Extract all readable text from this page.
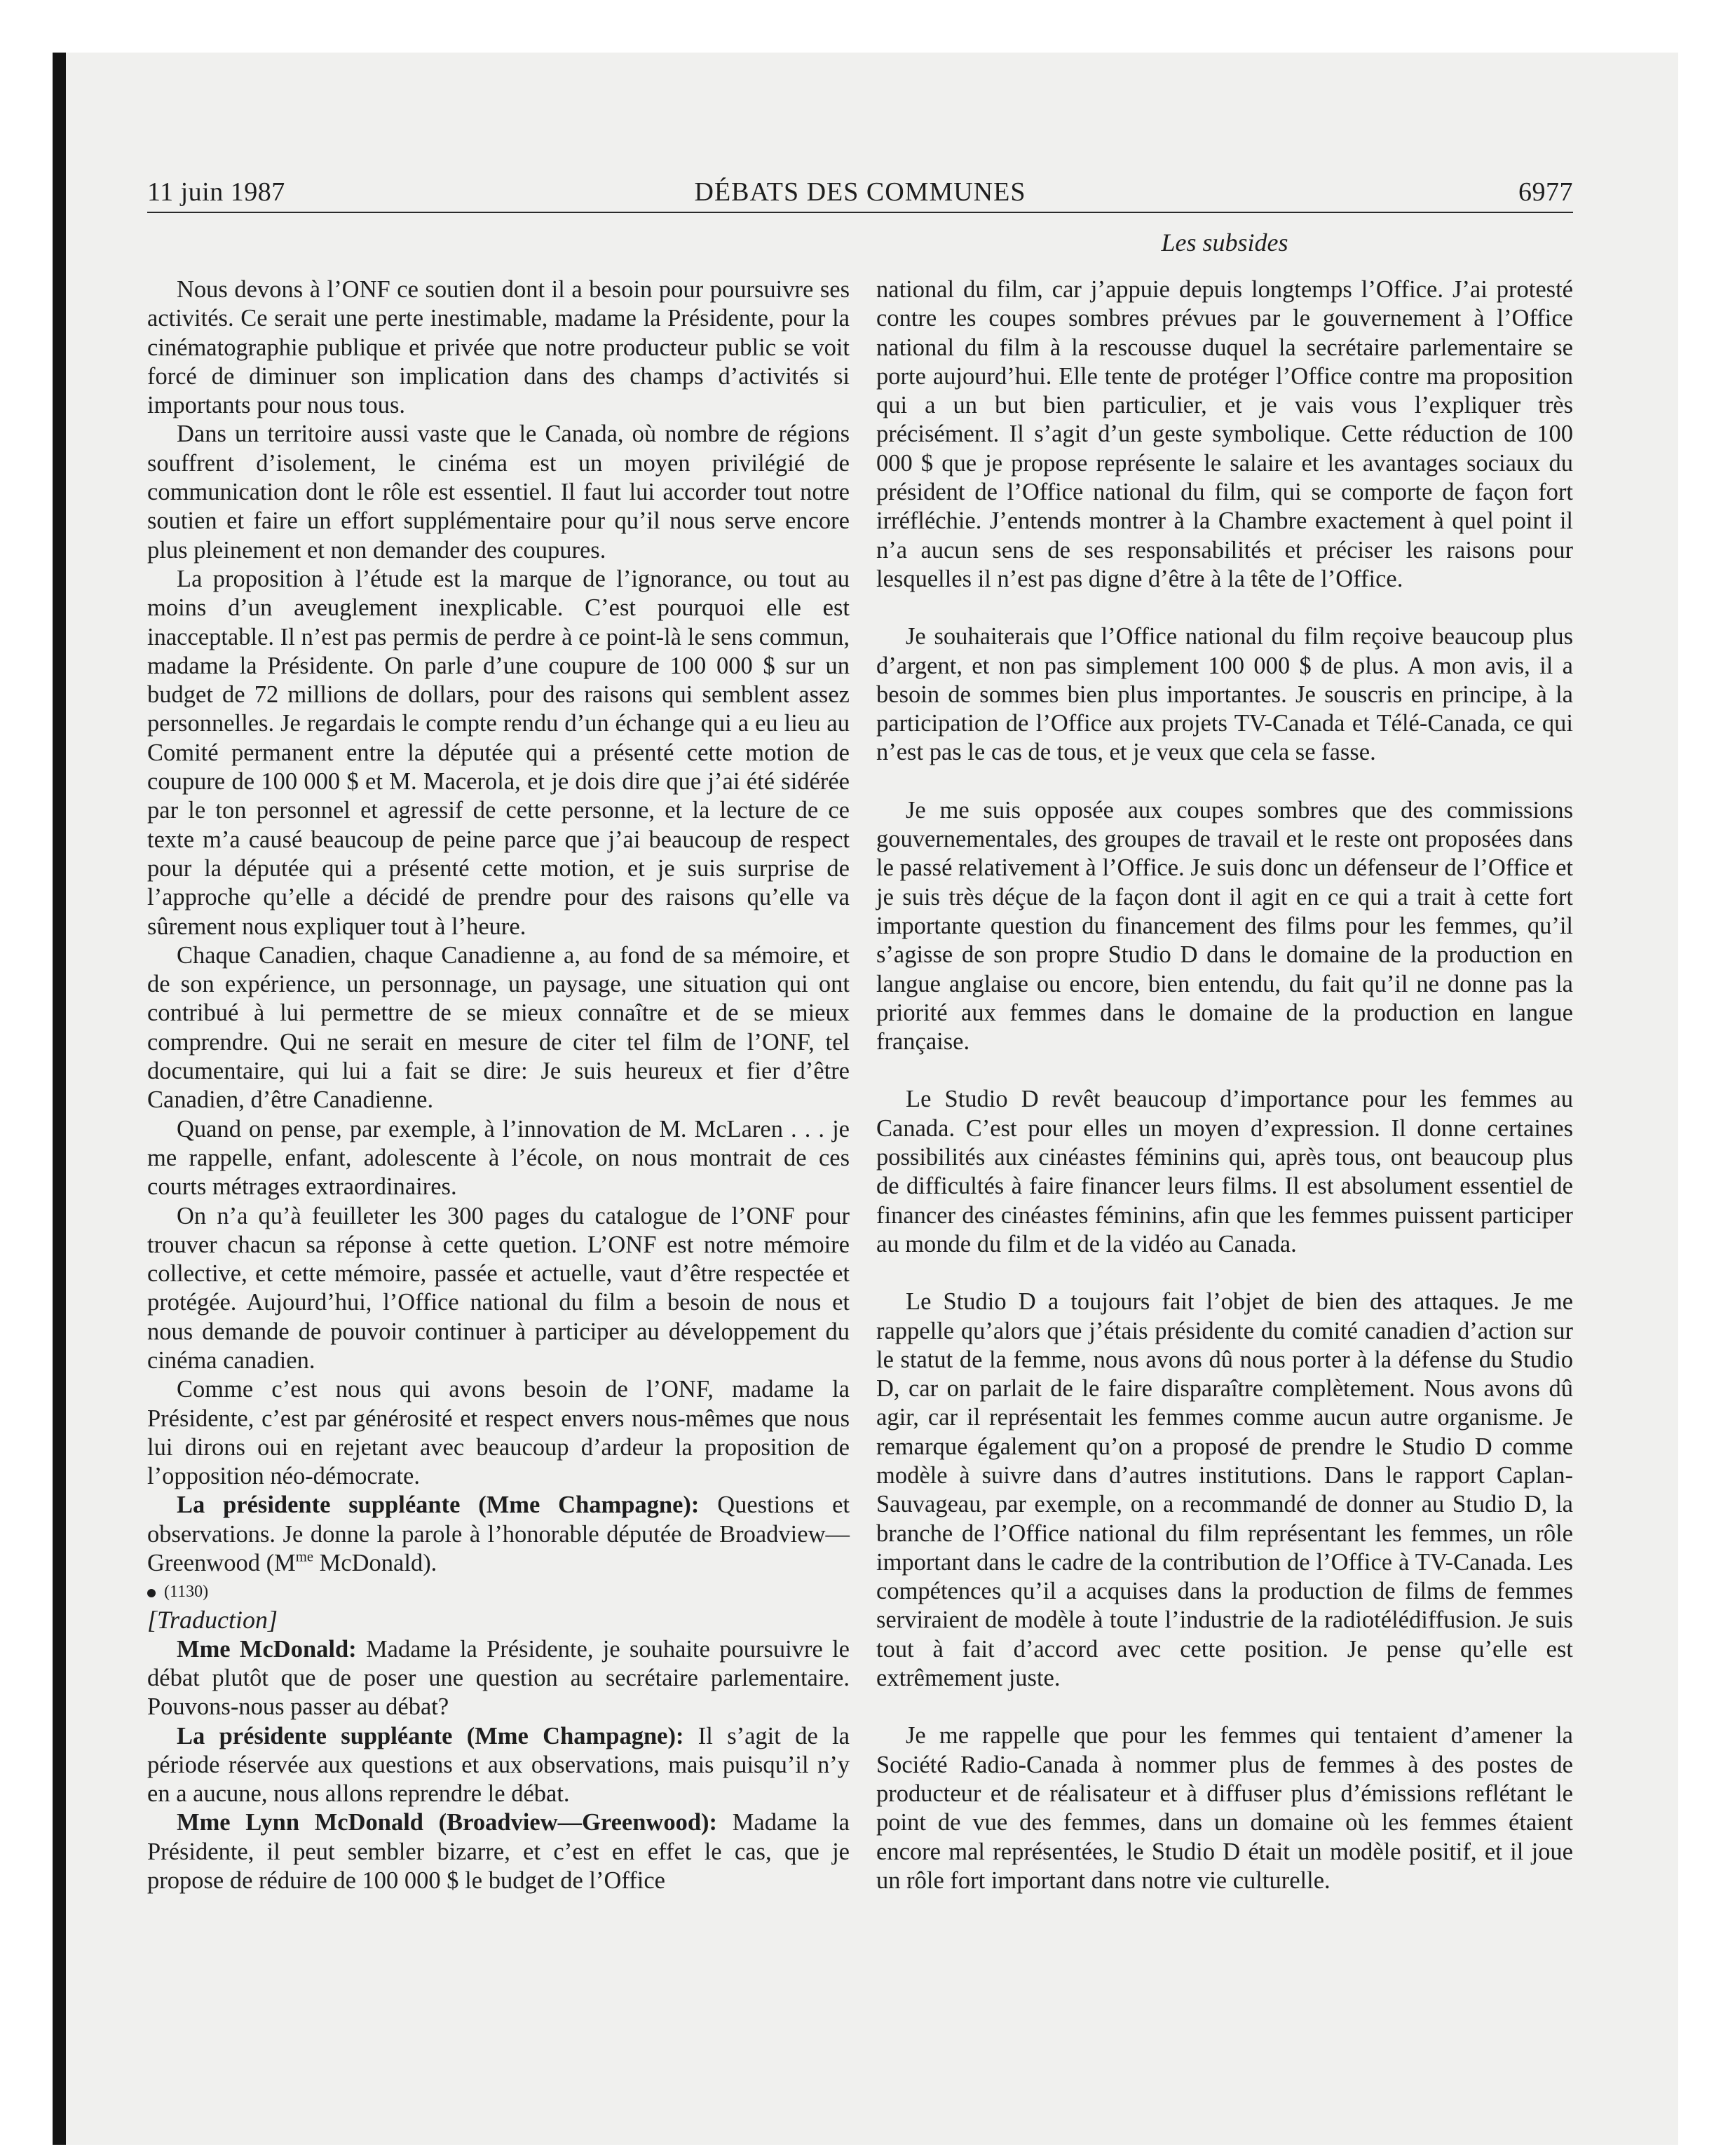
11 juin 1987	DÉBATS DES COMMUNES	6977
Les subsides

Nous devons à l’ONF ce soutien dont il a besoin pour poursuivre ses activités. Ce serait une perte inestimable, madame la Présidente, pour la cinématographie publique et privée que notre producteur public se voit forcé de diminuer son implication dans des champs d’activités si importants pour nous tous.

Dans un territoire aussi vaste que le Canada, où nombre de régions souffrent d’isolement, le cinéma est un moyen privilégié de communication dont le rôle est essentiel. Il faut lui accorder tout notre soutien et faire un effort supplémentaire pour qu’il nous serve encore plus pleinement et non demander des coupures.

La proposition à l’étude est la marque de l’ignorance, ou tout au moins d’un aveuglement inexplicable. C’est pourquoi elle est inacceptable. Il n’est pas permis de perdre à ce point-là le sens commun, madame la Présidente. On parle d’une coupure de 100 000 $ sur un budget de 72 millions de dollars, pour des raisons qui semblent assez personnelles. Je regardais le compte rendu d’un échange qui a eu lieu au Comité permanent entre la députée qui a présenté cette motion de coupure de 100 000 $ et M. Macerola, et je dois dire que j’ai été sidérée par le ton personnel et agressif de cette personne, et la lecture de ce texte m’a causé beaucoup de peine parce que j’ai beaucoup de respect pour la députée qui a présenté cette motion, et je suis surprise de l’approche qu’elle a décidé de prendre pour des raisons qu’elle va sûrement nous expliquer tout à l’heure.

Chaque Canadien, chaque Canadienne a, au fond de sa mémoire, et de son expérience, un personnage, un paysage, une situation qui ont contribué à lui permettre de se mieux connaître et de se mieux comprendre. Qui ne serait en mesure de citer tel film de l’ONF, tel documentaire, qui lui a fait se dire: Je suis heureux et fier d’être Canadien, d’être Canadienne.

Quand on pense, par exemple, à l’innovation de M. McLaren . . . je me rappelle, enfant, adolescente à l’école, on nous montrait de ces courts métrages extraordinaires.

On n’a qu’à feuilleter les 300 pages du catalogue de l’ONF pour trouver chacun sa réponse à cette quetion. L’ONF est notre mémoire collective, et cette mémoire, passée et actuelle, vaut d’être respectée et protégée. Aujourd’hui, l’Office national du film a besoin de nous et nous demande de pouvoir continuer à participer au développement du cinéma canadien.

Comme c’est nous qui avons besoin de l’ONF, madame la Présidente, c’est par générosité et respect envers nous-mêmes que nous lui dirons oui en rejetant avec beaucoup d’ardeur la proposition de l’opposition néo-démocrate.

La présidente suppléante (Mme Champagne): Questions et observations. Je donne la parole à l’honorable députée de Broadview—Greenwood ($M^{me}$ McDonald).

(1130)

[Traduction]

Mme McDonald: Madame la Présidente, je souhaite poursuivre le débat plutôt que de poser une question au secrétaire parlementaire. Pouvons-nous passer au débat?

La présidente suppléante (Mme Champagne): Il s’agit de la période réservée aux questions et aux observations, mais puisqu’il n’y en a aucune, nous allons reprendre le débat.

Mme Lynn McDonald (Broadview—Greenwood): Madame la Présidente, il peut sembler bizarre, et c’est en effet le cas, que je propose de réduire de 100 000 $ le budget de l’Office

national du film, car j’appuie depuis longtemps l’Office. J’ai protesté contre les coupes sombres prévues par le gouvernement à l’Office national du film à la rescousse duquel la secrétaire parlementaire se porte aujourd’hui. Elle tente de protéger l’Office contre ma proposition qui a un but bien particulier, et je vais vous l’expliquer très précisément. Il s’agit d’un geste symbolique. Cette réduction de 100 000 $ que je propose représente le salaire et les avantages sociaux du président de l’Office national du film, qui se comporte de façon fort irréfléchie. J’entends montrer à la Chambre exactement à quel point il n’a aucun sens de ses responsabilités et préciser les raisons pour lesquelles il n’est pas digne d’être à la tête de l’Office.

Je souhaiterais que l’Office national du film reçoive beaucoup plus d’argent, et non pas simplement 100 000 $ de plus. A mon avis, il a besoin de sommes bien plus importantes. Je souscris en principe, à la participation de l’Office aux projets TV-Canada et Télé-Canada, ce qui n’est pas le cas de tous, et je veux que cela se fasse.

Je me suis opposée aux coupes sombres que des commissions gouvernementales, des groupes de travail et le reste ont proposées dans le passé relativement à l’Office. Je suis donc un défenseur de l’Office et je suis très déçue de la façon dont il agit en ce qui a trait à cette fort importante question du financement des films pour les femmes, qu’il s’agisse de son propre Studio D dans le domaine de la production en langue anglaise ou encore, bien entendu, du fait qu’il ne donne pas la priorité aux femmes dans le domaine de la production en langue française.

Le Studio D revêt beaucoup d’importance pour les femmes au Canada. C’est pour elles un moyen d’expression. Il donne certaines possibilités aux cinéastes féminins qui, après tous, ont beaucoup plus de difficultés à faire financer leurs films. Il est absolument essentiel de financer des cinéastes féminins, afin que les femmes puissent participer au monde du film et de la vidéo au Canada.

Le Studio D a toujours fait l’objet de bien des attaques. Je me rappelle qu’alors que j’étais présidente du comité canadien d’action sur le statut de la femme, nous avons dû nous porter à la défense du Studio D, car on parlait de le faire disparaître complètement. Nous avons dû agir, car il représentait les femmes comme aucun autre organisme. Je remarque également qu’on a proposé de prendre le Studio D comme modèle à suivre dans d’autres institutions. Dans le rapport Caplan-Sauvageau, par exemple, on a recommandé de donner au Studio D, la branche de l’Office national du film représentant les femmes, un rôle important dans le cadre de la contribution de l’Office à TV-Canada. Les compétences qu’il a acquises dans la production de films de femmes serviraient de modèle à toute l’industrie de la radiotélédiffusion. Je suis tout à fait d’accord avec cette position. Je pense qu’elle est extrêmement juste.

Je me rappelle que pour les femmes qui tentaient d’amener la Société Radio-Canada à nommer plus de femmes à des postes de producteur et de réalisateur et à diffuser plus d’émissions reflétant le point de vue des femmes, dans un domaine où les femmes étaient encore mal représentées, le Studio D était un modèle positif, et il joue un rôle fort important dans notre vie culturelle.
